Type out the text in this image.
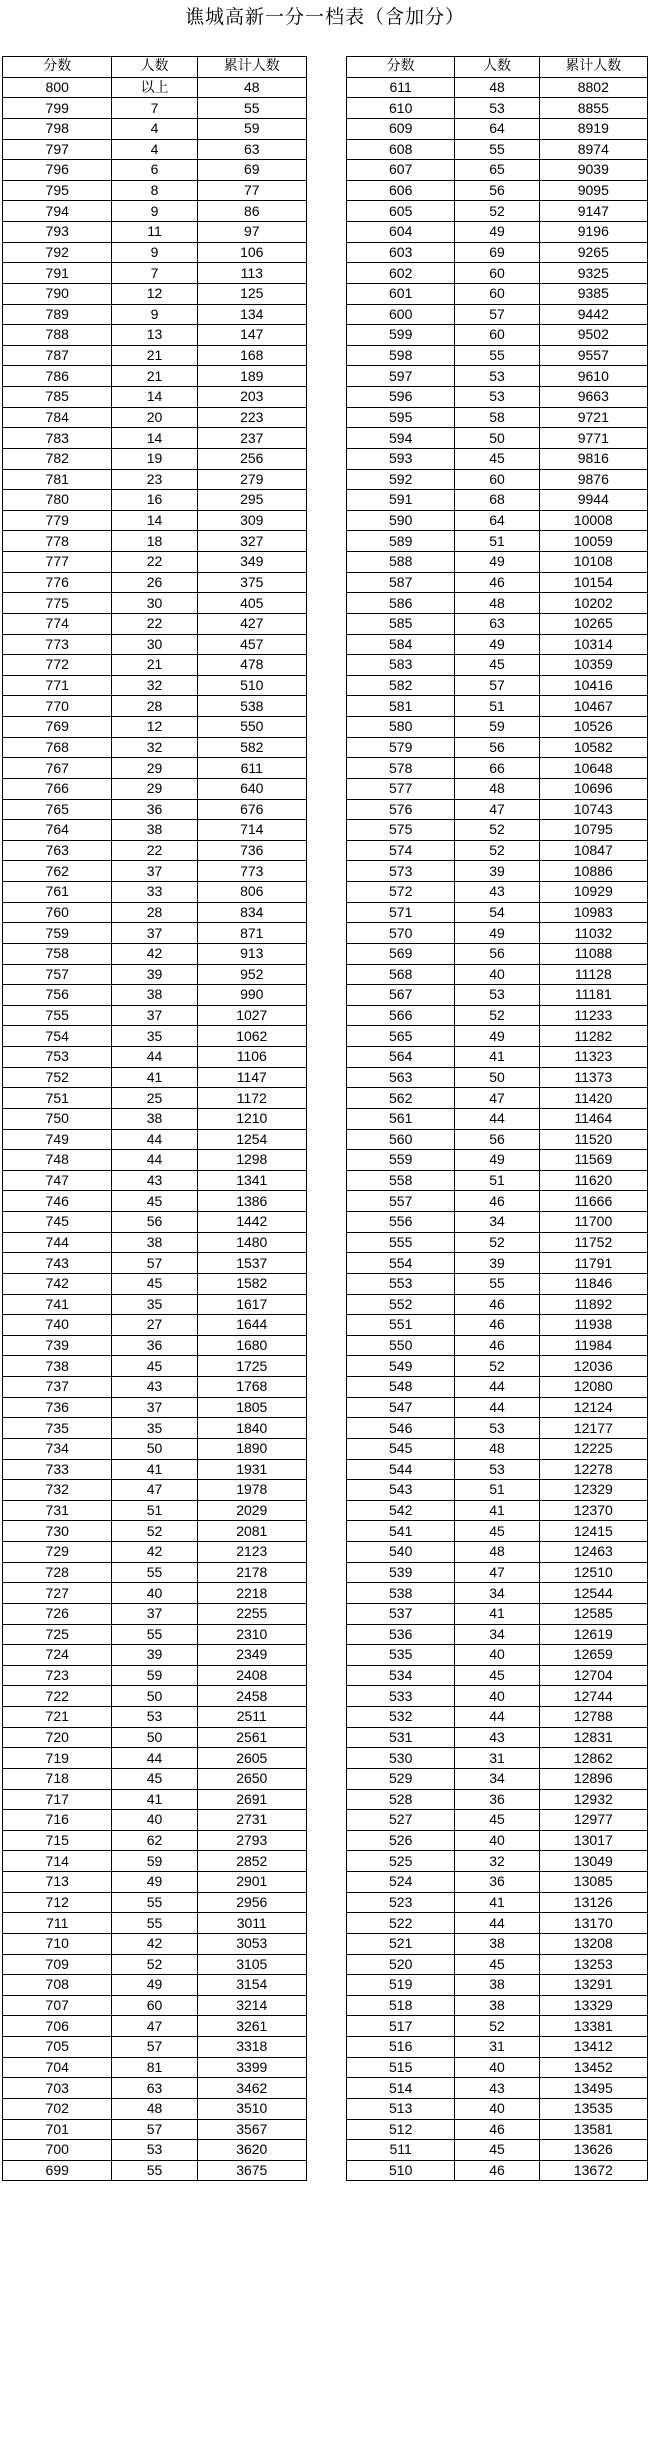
谯城高新一分一档表（含加分）
分数	人数	累计人数
800	以上	48
799	7	55
798	4	59
797	4	63
796	6	69
795	8	77
794	9	86
793	11	97
792	9	106
791	7	113
790	12	125
789	9	134
788	13	147
787	21	168
786	21	189
785	14	203
784	20	223
783	14	237
782	19	256
781	23	279
780	16	295
779	14	309
778	18	327
777	22	349
776	26	375
775	30	405
774	22	427
773	30	457
772	21	478
771	32	510
770	28	538
769	12	550
768	32	582
767	29	611
766	29	640
765	36	676
764	38	714
763	22	736
762	37	773
761	33	806
760	28	834
759	37	871
758	42	913
757	39	952
756	38	990
755	37	1027
754	35	1062
753	44	1106
752	41	1147
751	25	1172
750	38	1210
749	44	1254
748	44	1298
747	43	1341
746	45	1386
745	56	1442
744	38	1480
743	57	1537
742	45	1582
741	35	1617
740	27	1644
739	36	1680
738	45	1725
737	43	1768
736	37	1805
735	35	1840
734	50	1890
733	41	1931
732	47	1978
731	51	2029
730	52	2081
729	42	2123
728	55	2178
727	40	2218
726	37	2255
725	55	2310
724	39	2349
723	59	2408
722	50	2458
721	53	2511
720	50	2561
719	44	2605
718	45	2650
717	41	2691
716	40	2731
715	62	2793
714	59	2852
713	49	2901
712	55	2956
711	55	3011
710	42	3053
709	52	3105
708	49	3154
707	60	3214
706	47	3261
705	57	3318
704	81	3399
703	63	3462
702	48	3510
701	57	3567
700	53	3620
699	55	3675
分数	人数	累计人数
611	48	8802
610	53	8855
609	64	8919
608	55	8974
607	65	9039
606	56	9095
605	52	9147
604	49	9196
603	69	9265
602	60	9325
601	60	9385
600	57	9442
599	60	9502
598	55	9557
597	53	9610
596	53	9663
595	58	9721
594	50	9771
593	45	9816
592	60	9876
591	68	9944
590	64	10008
589	51	10059
588	49	10108
587	46	10154
586	48	10202
585	63	10265
584	49	10314
583	45	10359
582	57	10416
581	51	10467
580	59	10526
579	56	10582
578	66	10648
577	48	10696
576	47	10743
575	52	10795
574	52	10847
573	39	10886
572	43	10929
571	54	10983
570	49	11032
569	56	11088
568	40	11128
567	53	11181
566	52	11233
565	49	11282
564	41	11323
563	50	11373
562	47	11420
561	44	11464
560	56	11520
559	49	11569
558	51	11620
557	46	11666
556	34	11700
555	52	11752
554	39	11791
553	55	11846
552	46	11892
551	46	11938
550	46	11984
549	52	12036
548	44	12080
547	44	12124
546	53	12177
545	48	12225
544	53	12278
543	51	12329
542	41	12370
541	45	12415
540	48	12463
539	47	12510
538	34	12544
537	41	12585
536	34	12619
535	40	12659
534	45	12704
533	40	12744
532	44	12788
531	43	12831
530	31	12862
529	34	12896
528	36	12932
527	45	12977
526	40	13017
525	32	13049
524	36	13085
523	41	13126
522	44	13170
521	38	13208
520	45	13253
519	38	13291
518	38	13329
517	52	13381
516	31	13412
515	40	13452
514	43	13495
513	40	13535
512	46	13581
511	45	13626
510	46	13672
